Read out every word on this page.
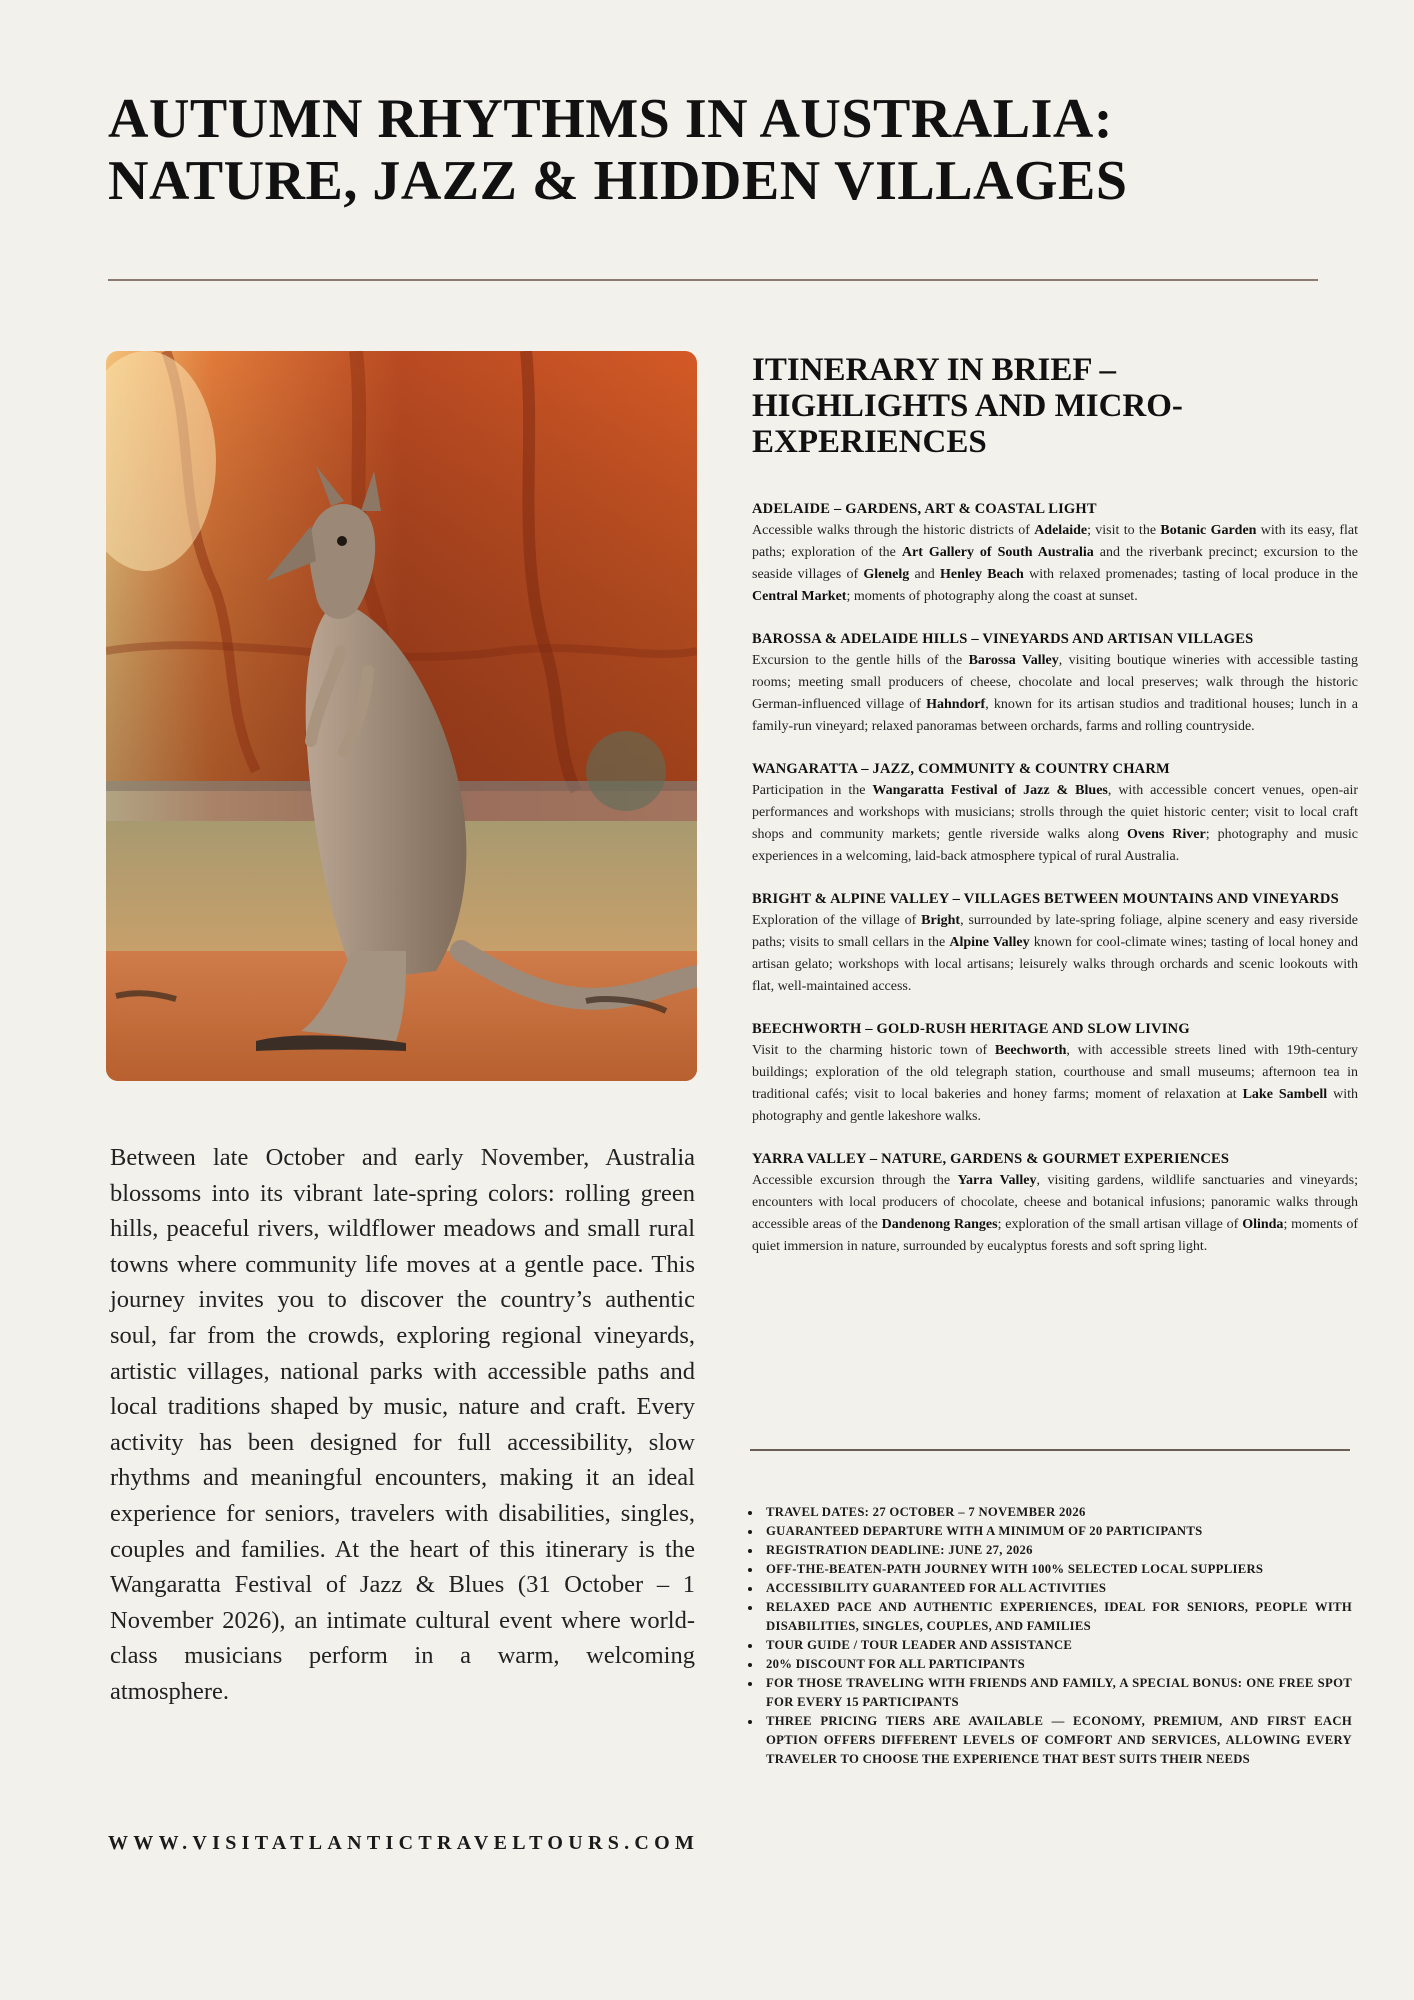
AUTUMN RHYTHMS IN AUSTRALIA:
NATURE, JAZZ & HIDDEN VILLAGES

Between late October and early November, Australia blossoms into its vibrant late-spring colors: rolling green hills, peaceful rivers, wildflower meadows and small rural towns where community life moves at a gentle pace. This journey invites you to discover the country’s authentic soul, far from the crowds, exploring regional vineyards, artistic villages, national parks with accessible paths and local traditions shaped by music, nature and craft. Every activity has been designed for full accessibility, slow rhythms and meaningful encounters, making it an ideal experience for seniors, travelers with disabilities, singles, couples and families. At the heart of this itinerary is the Wangaratta Festival of Jazz & Blues (31 October – 1 November 2026), an intimate cultural event where world-class musicians perform in a warm, welcoming atmosphere.

WWW.VISITATLANTICTRAVELTOURS.COM

ITINERARY IN BRIEF –
HIGHLIGHTS AND MICRO-
EXPERIENCES
ADELAIDE – GARDENS, ART & COASTAL LIGHT

Accessible walks through the historic districts of Adelaide; visit to the Botanic Garden with its easy, flat paths; exploration of the Art Gallery of South Australia and the riverbank precinct; excursion to the seaside villages of Glenelg and Henley Beach with relaxed promenades; tasting of local produce in the Central Market; moments of photography along the coast at sunset.

BAROSSA & ADELAIDE HILLS – VINEYARDS AND ARTISAN VILLAGES

Excursion to the gentle hills of the Barossa Valley, visiting boutique wineries with accessible tasting rooms; meeting small producers of cheese, chocolate and local preserves; walk through the historic German-influenced village of Hahndorf, known for its artisan studios and traditional houses; lunch in a family-run vineyard; relaxed panoramas between orchards, farms and rolling countryside.

WANGARATTA – JAZZ, COMMUNITY & COUNTRY CHARM

Participation in the Wangaratta Festival of Jazz & Blues, with accessible concert venues, open-air performances and workshops with musicians; strolls through the quiet historic center; visit to local craft shops and community markets; gentle riverside walks along Ovens River; photography and music experiences in a welcoming, laid-back atmosphere typical of rural Australia.

BRIGHT & ALPINE VALLEY – VILLAGES BETWEEN MOUNTAINS AND VINEYARDS

Exploration of the village of Bright, surrounded by late-spring foliage, alpine scenery and easy riverside paths; visits to small cellars in the Alpine Valley known for cool-climate wines; tasting of local honey and artisan gelato; workshops with local artisans; leisurely walks through orchards and scenic lookouts with flat, well-maintained access.

BEECHWORTH – GOLD-RUSH HERITAGE AND SLOW LIVING

Visit to the charming historic town of Beechworth, with accessible streets lined with 19th-century buildings; exploration of the old telegraph station, courthouse and small museums; afternoon tea in traditional cafés; visit to local bakeries and honey farms; moment of relaxation at Lake Sambell with photography and gentle lakeshore walks.

YARRA VALLEY – NATURE, GARDENS & GOURMET EXPERIENCES

Accessible excursion through the Yarra Valley, visiting gardens, wildlife sanctuaries and vineyards; encounters with local producers of chocolate, cheese and botanical infusions; panoramic walks through accessible areas of the Dandenong Ranges; exploration of the small artisan village of Olinda; moments of quiet immersion in nature, surrounded by eucalyptus forests and soft spring light.

• TRAVEL DATES: 27 OCTOBER – 7 NOVEMBER 2026
• GUARANTEED DEPARTURE WITH A MINIMUM OF 20 PARTICIPANTS
• REGISTRATION DEADLINE: JUNE 27, 2026
• OFF-THE-BEATEN-PATH JOURNEY WITH 100% SELECTED LOCAL SUPPLIERS
• ACCESSIBILITY GUARANTEED FOR ALL ACTIVITIES
• RELAXED PACE AND AUTHENTIC EXPERIENCES, IDEAL FOR SENIORS, PEOPLE WITH DISABILITIES, SINGLES, COUPLES, AND FAMILIES
• TOUR GUIDE / TOUR LEADER AND ASSISTANCE
• 20% DISCOUNT FOR ALL PARTICIPANTS
• FOR THOSE TRAVELING WITH FRIENDS AND FAMILY, A SPECIAL BONUS: ONE FREE SPOT FOR EVERY 15 PARTICIPANTS
• THREE PRICING TIERS ARE AVAILABLE — ECONOMY, PREMIUM, AND FIRST EACH OPTION OFFERS DIFFERENT LEVELS OF COMFORT AND SERVICES, ALLOWING EVERY TRAVELER TO CHOOSE THE EXPERIENCE THAT BEST SUITS THEIR NEEDS
